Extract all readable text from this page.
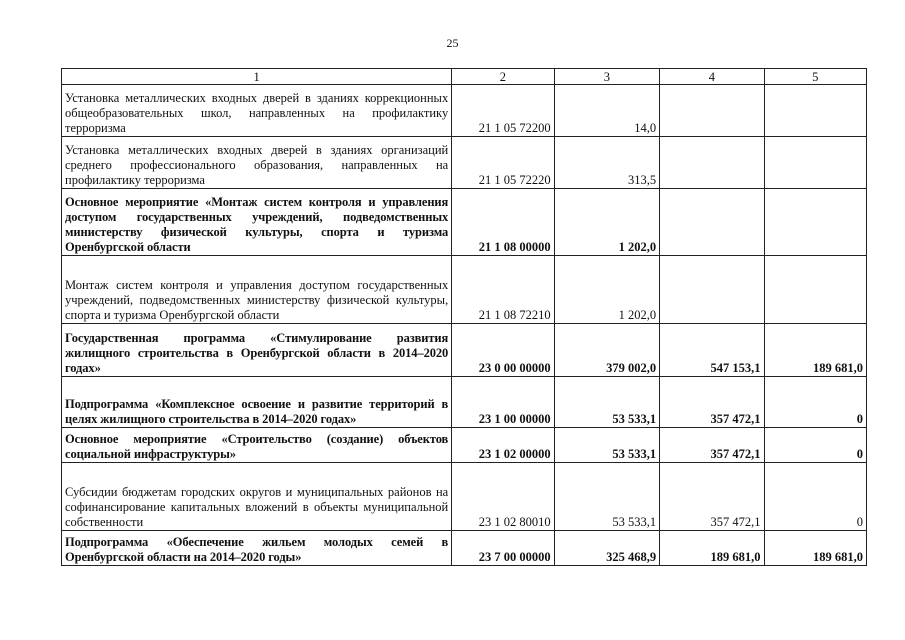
25
1	2	3	4	5
Установка металлических входных дверей в зданиях коррекционных общеобразовательных школ, направленных на профилактику терроризма	21 1 05 72200	14,0		
Установка металлических входных дверей в зданиях организаций среднего профессионального образования, направленных на профилактику терроризма	21 1 05 72220	313,5		
Основное мероприятие «Монтаж систем контроля и управления доступом государственных учреждений, подведомственных министерству физической культуры, спорта и туризма Оренбургской области	21 1 08 00000	1 202,0		
Монтаж систем контроля и управления доступом государственных учреждений, подведомственных министерству физической культуры, спорта и туризма Оренбургской области	21 1 08 72210	1 202,0		
Государственная программа «Стимулирование развития жилищного строительства в Оренбургской области в 2014–2020 годах»	23 0 00 00000	379 002,0	547 153,1	189 681,0
Подпрограмма «Комплексное освоение и развитие территорий в целях жилищного строительства в 2014–2020 годах»	23 1 00 00000	53 533,1	357 472,1	0
Основное мероприятие «Строительство (создание) объектов социальной инфраструктуры»	23 1 02 00000	53 533,1	357 472,1	0
Субсидии бюджетам городских округов и муниципальных районов на софинансирование капитальных вложений в объекты муниципальной собственности	23 1 02 80010	53 533,1	357 472,1	0
Подпрограмма «Обеспечение жильем молодых семей в Оренбургской области на 2014–2020 годы»	23 7 00 00000	325 468,9	189 681,0	189 681,0
